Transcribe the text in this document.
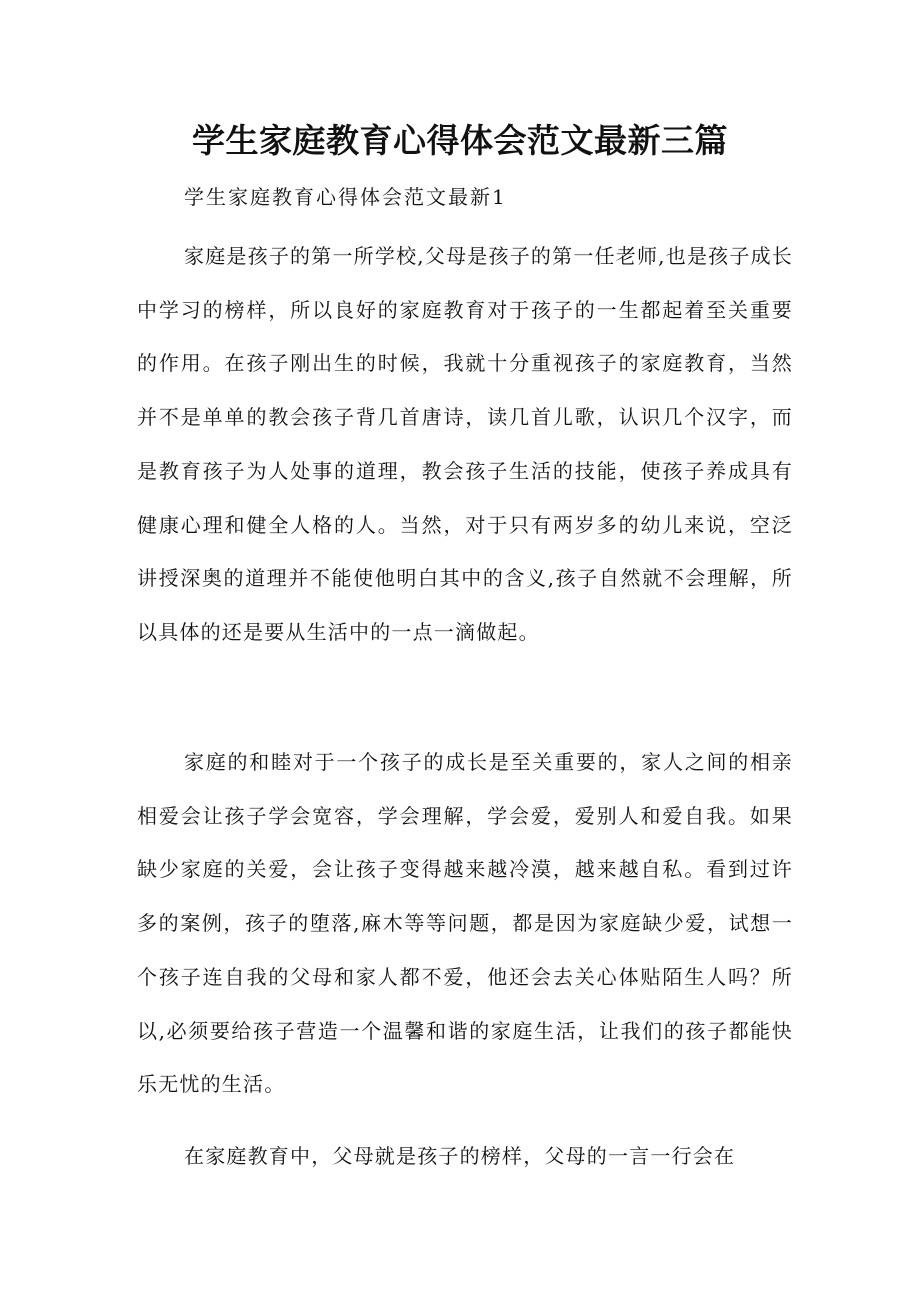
学生家庭教育心得体会范文最新三篇

学生家庭教育心得体会范文最新1

家庭是孩子的第一所学校,父母是孩子的第一任老师,也是孩子成长中学习的榜样，所以良好的家庭教育对于孩子的一生都起着至关重要的作用。在孩子刚出生的时候，我就十分重视孩子的家庭教育，当然并不是单单的教会孩子背几首唐诗，读几首儿歌，认识几个汉字，而是教育孩子为人处事的道理，教会孩子生活的技能，使孩子养成具有健康心理和健全人格的人。当然，对于只有两岁多的幼儿来说，空泛讲授深奥的道理并不能使他明白其中的含义,孩子自然就不会理解，所以具体的还是要从生活中的一点一滴做起。

家庭的和睦对于一个孩子的成长是至关重要的，家人之间的相亲相爱会让孩子学会宽容，学会理解，学会爱，爱别人和爱自我。如果缺少家庭的关爱，会让孩子变得越来越冷漠，越来越自私。看到过许多的案例，孩子的堕落,麻木等等问题，都是因为家庭缺少爱，试想一个孩子连自我的父母和家人都不爱，他还会去关心体贴陌生人吗？所以,必须要给孩子营造一个温馨和谐的家庭生活，让我们的孩子都能快乐无忧的生活。

在家庭教育中，父母就是孩子的榜样，父母的一言一行会在
